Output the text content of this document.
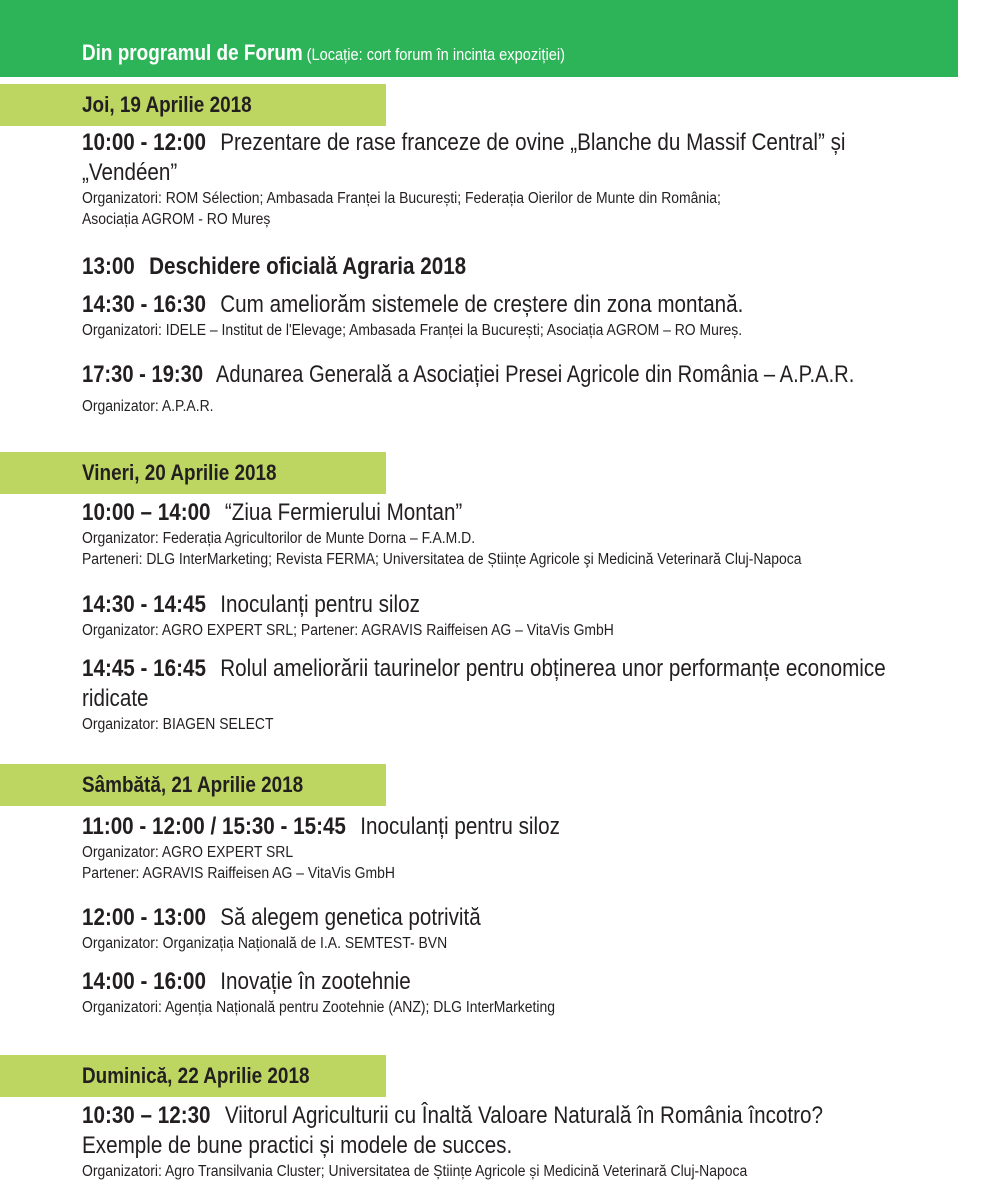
Din programul de Forum (Locație: cort forum în incinta expoziției)
Joi, 19 Aprilie 2018
10:00 - 12:00 Prezentare de rase franceze de ovine „Blanche du Massif Central” și
„Vendéen”
Organizatori: ROM Sélection; Ambasada Franței la București; Federația Oierilor de Munte din România;
Asociația AGROM - RO Mureș
13:00 Deschidere oficială Agraria 2018
14:30 - 16:30 Cum ameliorăm sistemele de creștere din zona montană.
Organizatori: IDELE – Institut de l'Elevage; Ambasada Franței la București; Asociația AGROM – RO Mureș.
17:30 - 19:30 Adunarea Generală a Asociației Presei Agricole din România – A.P.A.R.
Organizator: A.P.A.R.
Vineri, 20 Aprilie 2018
10:00 – 14:00 “Ziua Fermierului Montan”
Organizator: Federația Agricultorilor de Munte Dorna – F.A.M.D.
Parteneri: DLG InterMarketing; Revista FERMA; Universitatea de Științe Agricole şi Medicină Veterinară Cluj-Napoca
14:30 - 14:45 Inoculanți pentru siloz
Organizator: AGRO EXPERT SRL; Partener: AGRAVIS Raiffeisen AG – VitaVis GmbH
14:45 - 16:45 Rolul ameliorării taurinelor pentru obținerea unor performanțe economice
ridicate
Organizator: BIAGEN SELECT
Sâmbătă, 21 Aprilie 2018
11:00 - 12:00 / 15:30 - 15:45 Inoculanți pentru siloz
Organizator: AGRO EXPERT SRL
Partener: AGRAVIS Raiffeisen AG – VitaVis GmbH
12:00 - 13:00 Să alegem genetica potrivită
Organizator: Organizația Națională de I.A. SEMTEST- BVN
14:00 - 16:00 Inovație în zootehnie
Organizatori: Agenția Națională pentru Zootehnie (ANZ); DLG InterMarketing
Duminică, 22 Aprilie 2018
10:30 – 12:30 Viitorul Agriculturii cu Înaltă Valoare Naturală în România încotro?
Exemple de bune practici și modele de succes.
Organizatori: Agro Transilvania Cluster; Universitatea de Științe Agricole și Medicină Veterinară Cluj-Napoca
